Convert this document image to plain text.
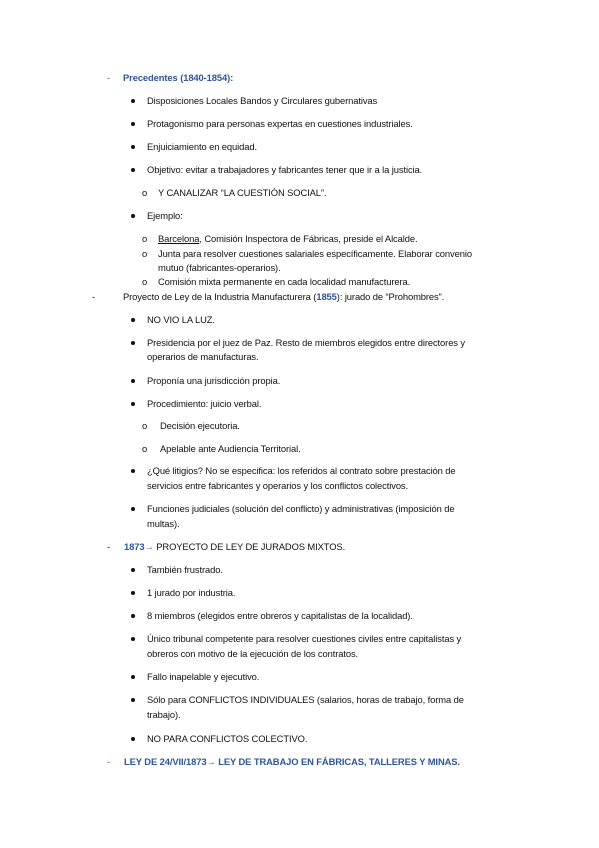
- Precedentes (1840-1854):
Disposiciones Locales Bandos y Circulares gubernativas
Protagonismo para personas expertas en cuestiones industriales.
Enjuiciamiento en equidad.
Objetivo: evitar a trabajadores y fabricantes tener que ir a la justicia.
o Y CANALIZAR “LA CUESTIÓN SOCIAL”.
Ejemplo:
o Barcelona, Comisión Inspectora de Fábricas, preside el Alcalde.
o Junta para resolver cuestiones salariales específicamente. Elaborar convenio
mutuo (fabricantes-operarios).
o Comisión mixta permanente en cada localidad manufacturera.
-	Proyecto de Ley de la Industria Manufacturera (1855): jurado de “Prohombres”.
NO VIO LA LUZ.
Presidencia por el juez de Paz. Resto de miembros elegidos entre directores y
operarios de manufacturas.
Proponía una jurisdicción propia.
Procedimiento: juicio verbal.
o Decisión ejecutoria.
o Apelable ante Audiencia Territorial.
¿Qué litigios? No se especifica: los referidos al contrato sobre prestación de
servicios entre fabricantes y operarios y los conflictos colectivos.
Funciones judiciales (solución del conflicto) y administrativas (imposición de
multas).
- 1873→ PROYECTO DE LEY DE JURADOS MIXTOS.
También frustrado.
1 jurado por industria.
8 miembros (elegidos entre obreros y capitalistas de la localidad).
Único tribunal competente para resolver cuestiones civiles entre capitalistas y
obreros con motivo de la ejecución de los contratos.
Fallo inapelable y ejecutivo.
Sólo para CONFLICTOS INDIVIDUALES (salarios, horas de trabajo, forma de
trabajo).
NO PARA CONFLICTOS COLECTIVO.
- LEY DE 24/VII/1873→ LEY DE TRABAJO EN FÁBRICAS, TALLERES Y MINAS.
